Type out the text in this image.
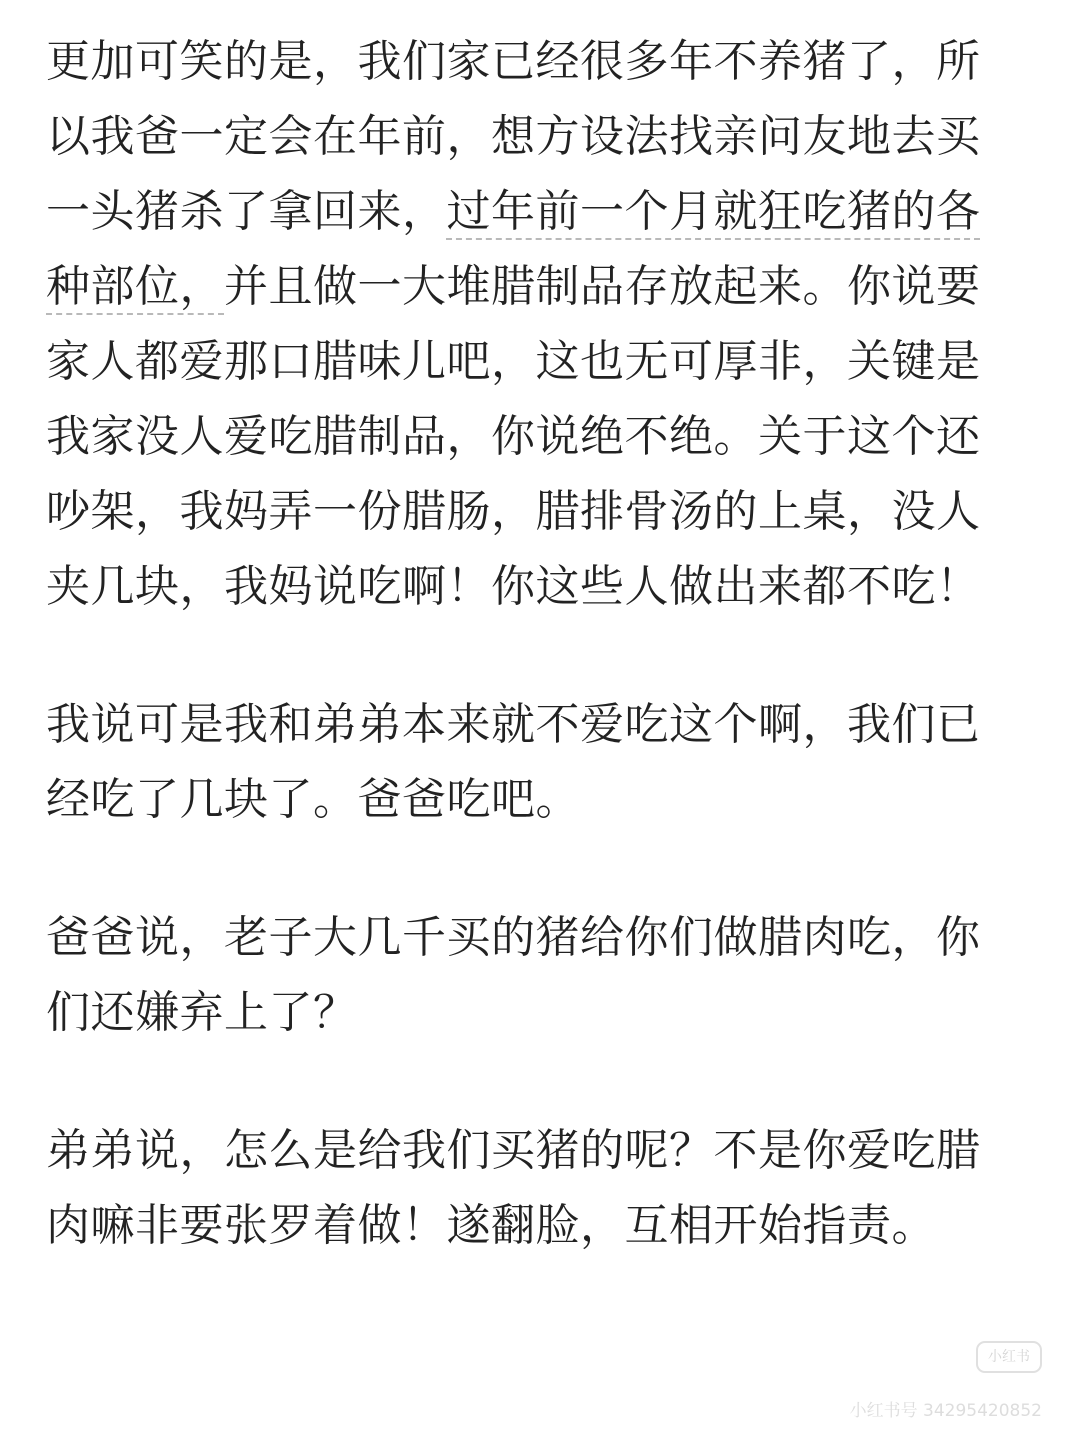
更加可笑的是，我们家已经很多年不养猪了，所以我爸一定会在年前，想方设法找亲问友地去买一头猪杀了拿回来，过年前一个月就狂吃猪的各种部位，并且做一大堆腊制品存放起来。你说要家人都爱那口腊味儿吧，这也无可厚非，关键是我家没人爱吃腊制品，你说绝不绝。关于这个还吵架，我妈弄一份腊肠，腊排骨汤的上桌，没人夹几块，我妈说吃啊！你这些人做出来都不吃！

我说可是我和弟弟本来就不爱吃这个啊，我们已经吃了几块了。爸爸吃吧。

爸爸说，老子大几千买的猪给你们做腊肉吃，你们还嫌弃上了？

弟弟说，怎么是给我们买猪的呢？不是你爱吃腊肉嘛非要张罗着做！遂翻脸，互相开始指责。

小红书
小红书号 3429542085​2
